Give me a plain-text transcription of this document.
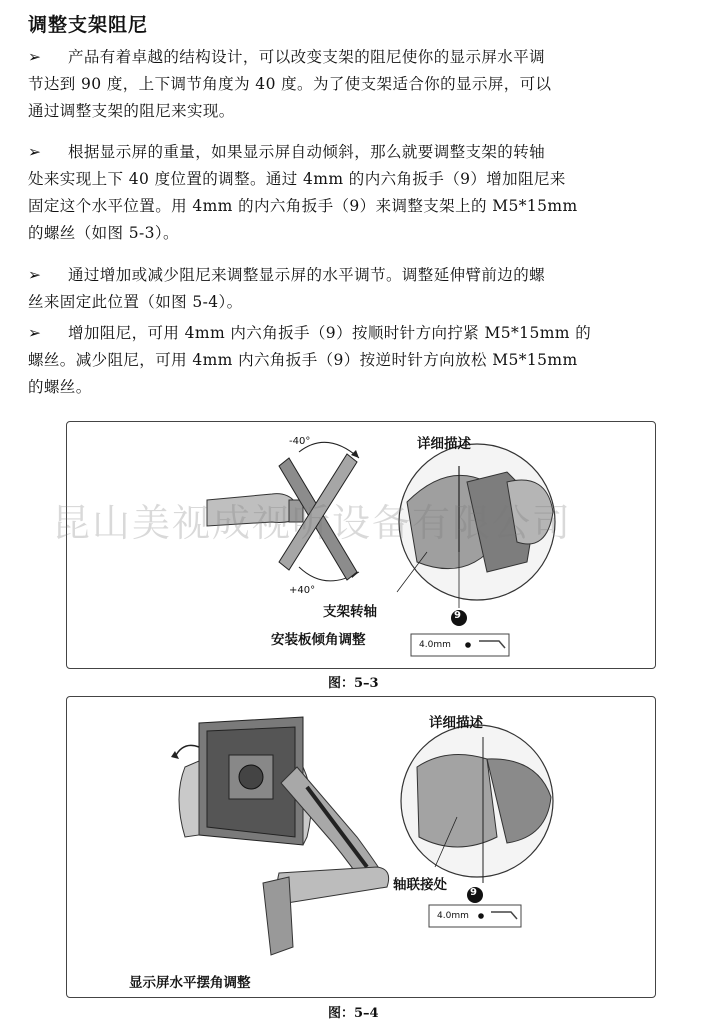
调整支架阻尼
➢ 产品有着卓越的结构设计，可以改变支架的阻尼使你的显示屏水平调
节达到 90 度，上下调节角度为 40 度。为了使支架适合你的显示屏，可以
通过调整支架的阻尼来实现。
➢ 根据显示屏的重量，如果显示屏自动倾斜，那么就要调整支架的转轴
处来实现上下 40 度位置的调整。通过 4mm 的内六角扳手（9）增加阻尼来
固定这个水平位置。用 4mm 的内六角扳手（9）来调整支架上的 M5*15mm
的螺丝（如图 5-3）。
➢ 通过增加或减少阻尼来调整显示屏的水平调节。调整延伸臂前边的螺
丝来固定此位置（如图 5-4）。
➢ 增加阻尼，可用 4mm 内六角扳手（9）按顺时针方向拧紧 M5*15mm 的
螺丝。减少阻尼，可用 4mm 内六角扳手（9）按逆时针方向放松 M5*15mm
的螺丝。
-40°
+40°
详细描述
支架转轴
安装板倾角调整
9
4.0mm
图：5–3
详细描述
轴联接处
显示屏水平摆角调整
9
4.0mm
图：5–4
昆山美视成视听设备有限公司
